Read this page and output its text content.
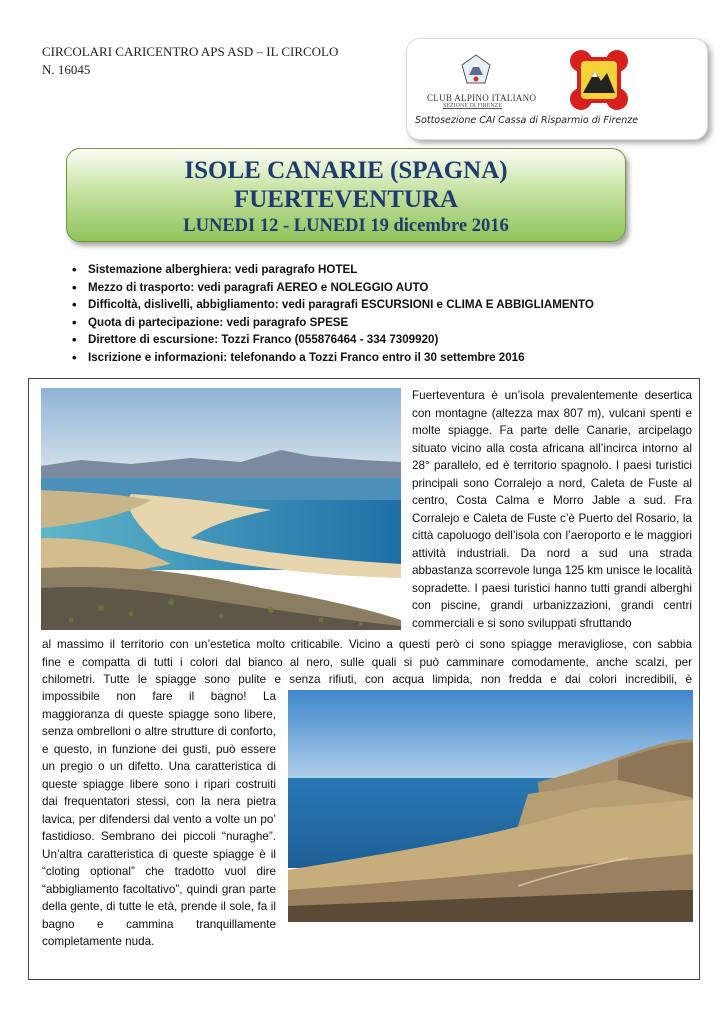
CIRCOLARI CARICENTRO APS ASD – IL CIRCOLO
N. 16045
CLUB ALPINO ITALIANO
SEZIONE DI FIRENZE
Sottosezione CAI Cassa di Risparmio di Firenze
ISOLE CANARIE (SPAGNA)
FUERTEVENTURA
LUNEDI 12 - LUNEDI 19 dicembre 2016
• Sistemazione alberghiera: vedi paragrafo HOTEL
• Mezzo di trasporto: vedi paragrafi AEREO e NOLEGGIO AUTO
• Difficoltà, dislivelli, abbigliamento: vedi paragrafi ESCURSIONI e CLIMA E ABBIGLIAMENTO
• Quota di partecipazione: vedi paragrafo SPESE
• Direttore di escursione: Tozzi Franco (055876464 - 334 7309920)
• Iscrizione e informazioni: telefonando a Tozzi Franco entro il 30 settembre 2016

Fuerteventura è un’isola prevalentemente desertica con montagne (altezza max 807 m), vulcani spenti e molte spiagge. Fa parte delle Canarie, arcipelago situato vicino alla costa africana all’incirca intorno al 28° parallelo, ed è territorio spagnolo. I paesi turistici principali sono Corralejo a nord, Caleta de Fuste al centro, Costa Calma e Morro Jable a sud. Fra Corralejo e Caleta de Fuste c’è Puerto del Rosario, la città capoluogo dell’isola con l’aeroporto e le maggiori attività industriali. Da nord a sud una strada abbastanza scorrevole lunga 125 km unisce le località sopradette. I paesi turistici hanno tutti grandi alberghi con piscine, grandi urbanizzazioni, grandi centri commerciali e si sono sviluppati sfruttando

al massimo il territorio con un’estetica molto criticabile. Vicino a questi però ci sono spiagge meravigliose, con sabbia

fine e compatta di tutti i colori dal bianco al nero, sulle quali si può camminare comodamente, anche scalzi, per

chilometri. Tutte le spiagge sono pulite e senza rifiuti, con acqua limpida, non fredda e dai colori incredibili, è

impossibile non fare il bagno! La maggioranza di queste spiagge sono libere, senza ombrelloni o altre strutture di conforto, e questo, in funzione dei gusti, può essere un pregio o un difetto. Una caratteristica di queste spiagge libere sono i ripari costruiti dai frequentatori stessi, con la nera pietra lavica, per difendersi dal vento a volte un po’ fastidioso. Sembrano dei piccoli “nuraghe”. Un’altra caratteristica di queste spiagge è il “cloting optional” che tradotto vuol dire “abbigliamento facoltativo”, quindi gran parte della gente, di tutte le età, prende il sole, fa il bagno e cammina tranquillamente completamente nuda.
